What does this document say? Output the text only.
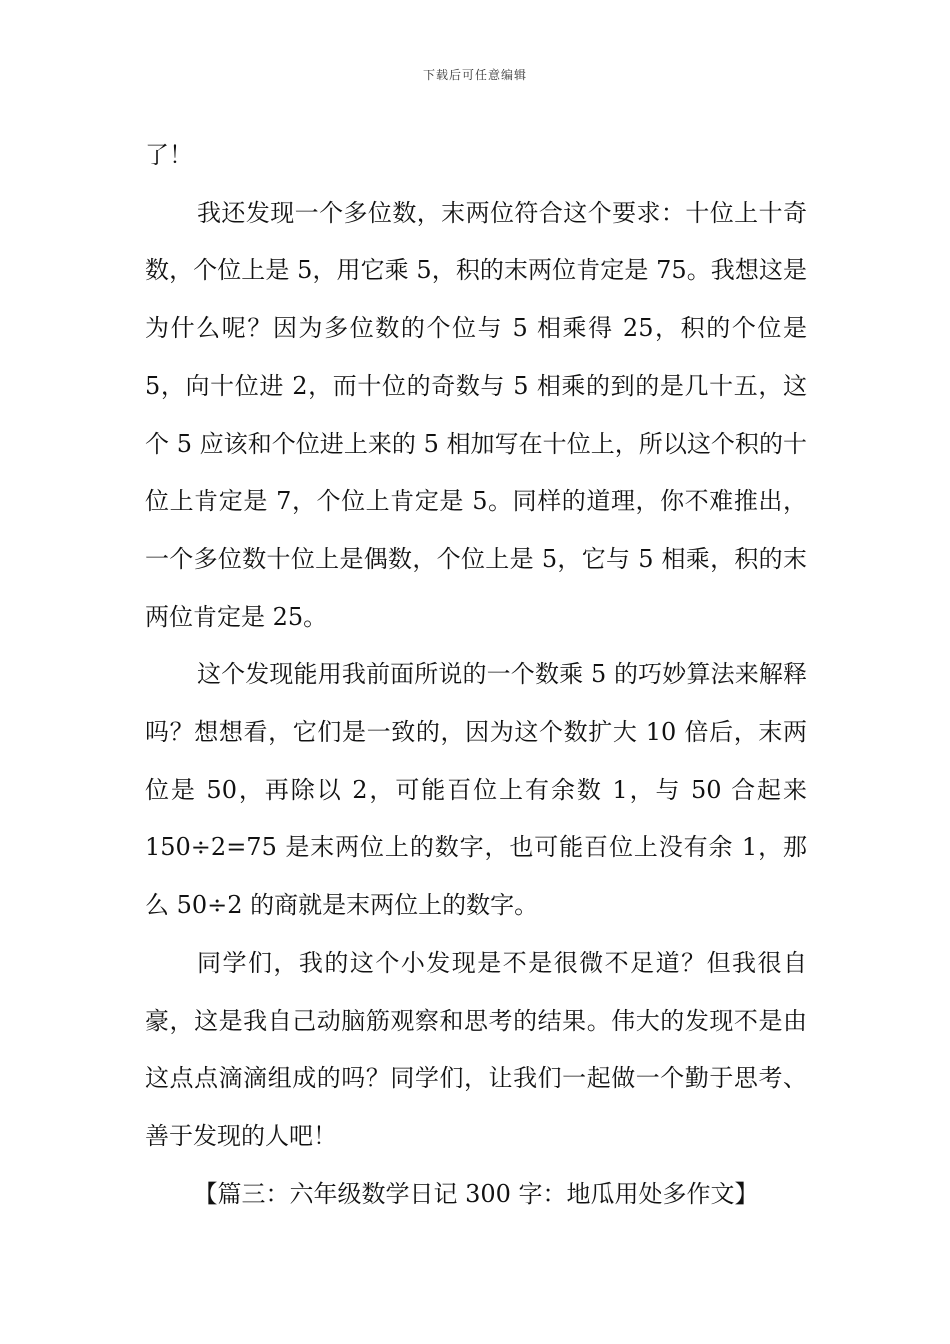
下载后可任意编辑

了！

我还发现一个多位数，末两位符合这个要求：十位上十奇数，个位上是 5，用它乘 5，积的末两位肯定是 75。我想这是为什么呢？因为多位数的个位与 5 相乘得 25，积的个位是 5，向十位进 2，而十位的奇数与 5 相乘的到的是几十五，这个 5 应该和个位进上来的 5 相加写在十位上，所以这个积的十位上肯定是 7，个位上肯定是 5。同样的道理，你不难推出，一个多位数十位上是偶数，个位上是 5，它与 5 相乘，积的末两位肯定是 25。

这个发现能用我前面所说的一个数乘 5 的巧妙算法来解释吗？想想看，它们是一致的，因为这个数扩大 10 倍后，末两位是 50，再除以 2，可能百位上有余数 1，与 50 合起来 150÷2=75 是末两位上的数字，也可能百位上没有余 1，那么 50÷2 的商就是末两位上的数字。

同学们，我的这个小发现是不是很微不足道？但我很自豪，这是我自己动脑筋观察和思考的结果。伟大的发现不是由这点点滴滴组成的吗？同学们，让我们一起做一个勤于思考、善于发现的人吧！

【篇三：六年级数学日记 300 字：地瓜用处多作文】
